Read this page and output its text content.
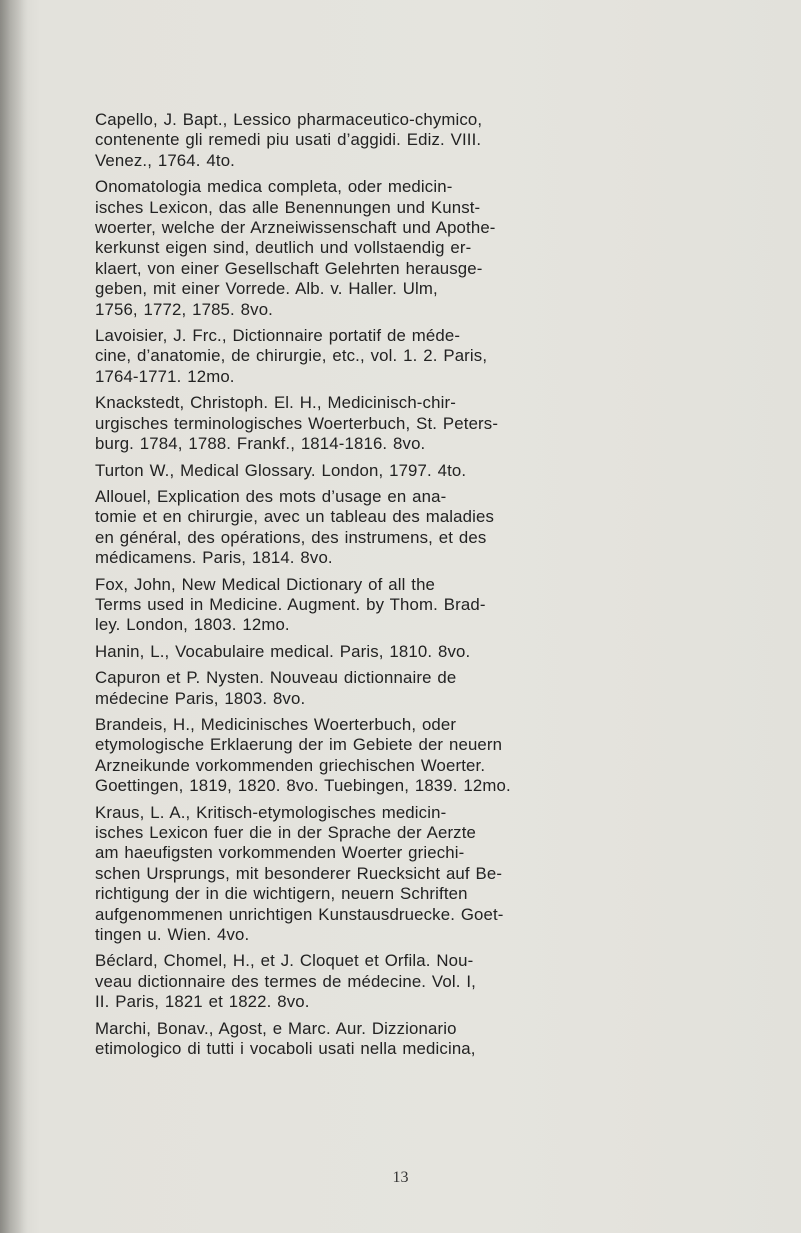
Capello, J. Bapt., Lessico pharmaceutico-chymico,
contenente gli remedi piu usati d’aggidi. Ediz. VIII.
Venez., 1764. 4to.
Onomatologia medica completa, oder medicin-
isches Lexicon, das alle Benennungen und Kunst-
woerter, welche der Arzneiwissenschaft und Apothe-
kerkunst eigen sind, deutlich und vollstaendig er-
klaert, von einer Gesellschaft Gelehrten herausge-
geben, mit einer Vorrede. Alb. v. Haller. Ulm,
1756, 1772, 1785. 8vo.
Lavoisier, J. Frc., Dictionnaire portatif de méde-
cine, d’anatomie, de chirurgie, etc., vol. 1. 2. Paris,
1764-1771. 12mo.
Knackstedt, Christoph. El. H., Medicinisch-chir-
urgisches terminologisches Woerterbuch, St. Peters-
burg. 1784, 1788. Frankf., 1814-1816. 8vo.
Turton W., Medical Glossary. London, 1797. 4to.
Allouel, Explication des mots d’usage en ana-
tomie et en chirurgie, avec un tableau des maladies
en général, des opérations, des instrumens, et des
médicamens. Paris, 1814. 8vo.
Fox, John, New Medical Dictionary of all the
Terms used in Medicine. Augment. by Thom. Brad-
ley. London, 1803. 12mo.
Hanin, L., Vocabulaire medical. Paris, 1810. 8vo.
Capuron et P. Nysten. Nouveau dictionnaire de
médecine Paris, 1803. 8vo.
Brandeis, H., Medicinisches Woerterbuch, oder
etymologische Erklaerung der im Gebiete der neuern
Arzneikunde vorkommenden griechischen Woerter.
Goettingen, 1819, 1820. 8vo. Tuebingen, 1839. 12mo.
Kraus, L. A., Kritisch-etymologisches medicin-
isches Lexicon fuer die in der Sprache der Aerzte
am haeufigsten vorkommenden Woerter griechi-
schen Ursprungs, mit besonderer Ruecksicht auf Be-
richtigung der in die wichtigern, neuern Schriften
aufgenommenen unrichtigen Kunstausdruecke. Goet-
tingen u. Wien. 4vo.
Béclard, Chomel, H., et J. Cloquet et Orfila. Nou-
veau dictionnaire des termes de médecine. Vol. I,
II. Paris, 1821 et 1822. 8vo.
Marchi, Bonav., Agost, e Marc. Aur. Dizzionario
etimologico di tutti i vocaboli usati nella medicina,
13
